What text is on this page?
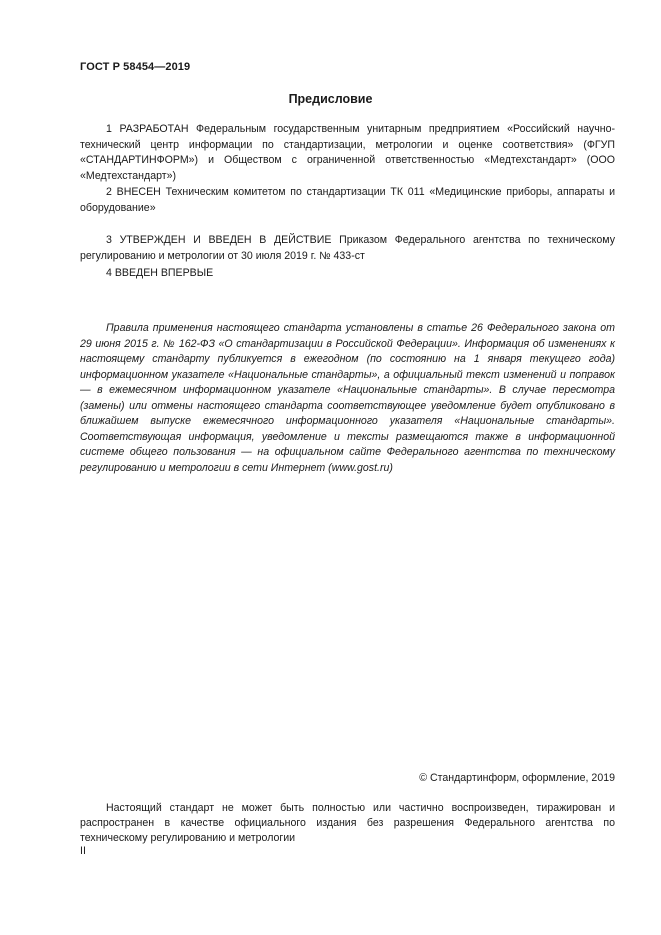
ГОСТ Р 58454—2019
Предисловие
1 РАЗРАБОТАН Федеральным государственным унитарным предприятием «Российский научно-технический центр информации по стандартизации, метрологии и оценке соответствия» (ФГУП «СТАНДАРТИНФОРМ») и Обществом с ограниченной ответственностью «Медтехстандарт» (ООО «Медтехстандарт»)
2 ВНЕСЕН Техническим комитетом по стандартизации ТК 011 «Медицинские приборы, аппараты и оборудование»
3 УТВЕРЖДЕН И ВВЕДЕН В ДЕЙСТВИЕ Приказом Федерального агентства по техническому регулированию и метрологии от 30 июля 2019 г. № 433-ст
4 ВВЕДЕН ВПЕРВЫЕ
Правила применения настоящего стандарта установлены в статье 26 Федерального закона от 29 июня 2015 г. № 162-ФЗ «О стандартизации в Российской Федерации». Информация об изменениях к настоящему стандарту публикуется в ежегодном (по состоянию на 1 января текущего года) информационном указателе «Национальные стандарты», а официальный текст изменений и поправок — в ежемесячном информационном указателе «Национальные стандарты». В случае пересмотра (замены) или отмены настоящего стандарта соответствующее уведомление будет опубликовано в ближайшем выпуске ежемесячного информационного указателя «Национальные стандарты». Соответствующая информация, уведомление и тексты размещаются также в информационной системе общего пользования — на официальном сайте Федерального агентства по техническому регулированию и метрологии в сети Интернет (www.gost.ru)
© Стандартинформ, оформление, 2019
Настоящий стандарт не может быть полностью или частично воспроизведен, тиражирован и распространен в качестве официального издания без разрешения Федерального агентства по техническому регулированию и метрологии
II
